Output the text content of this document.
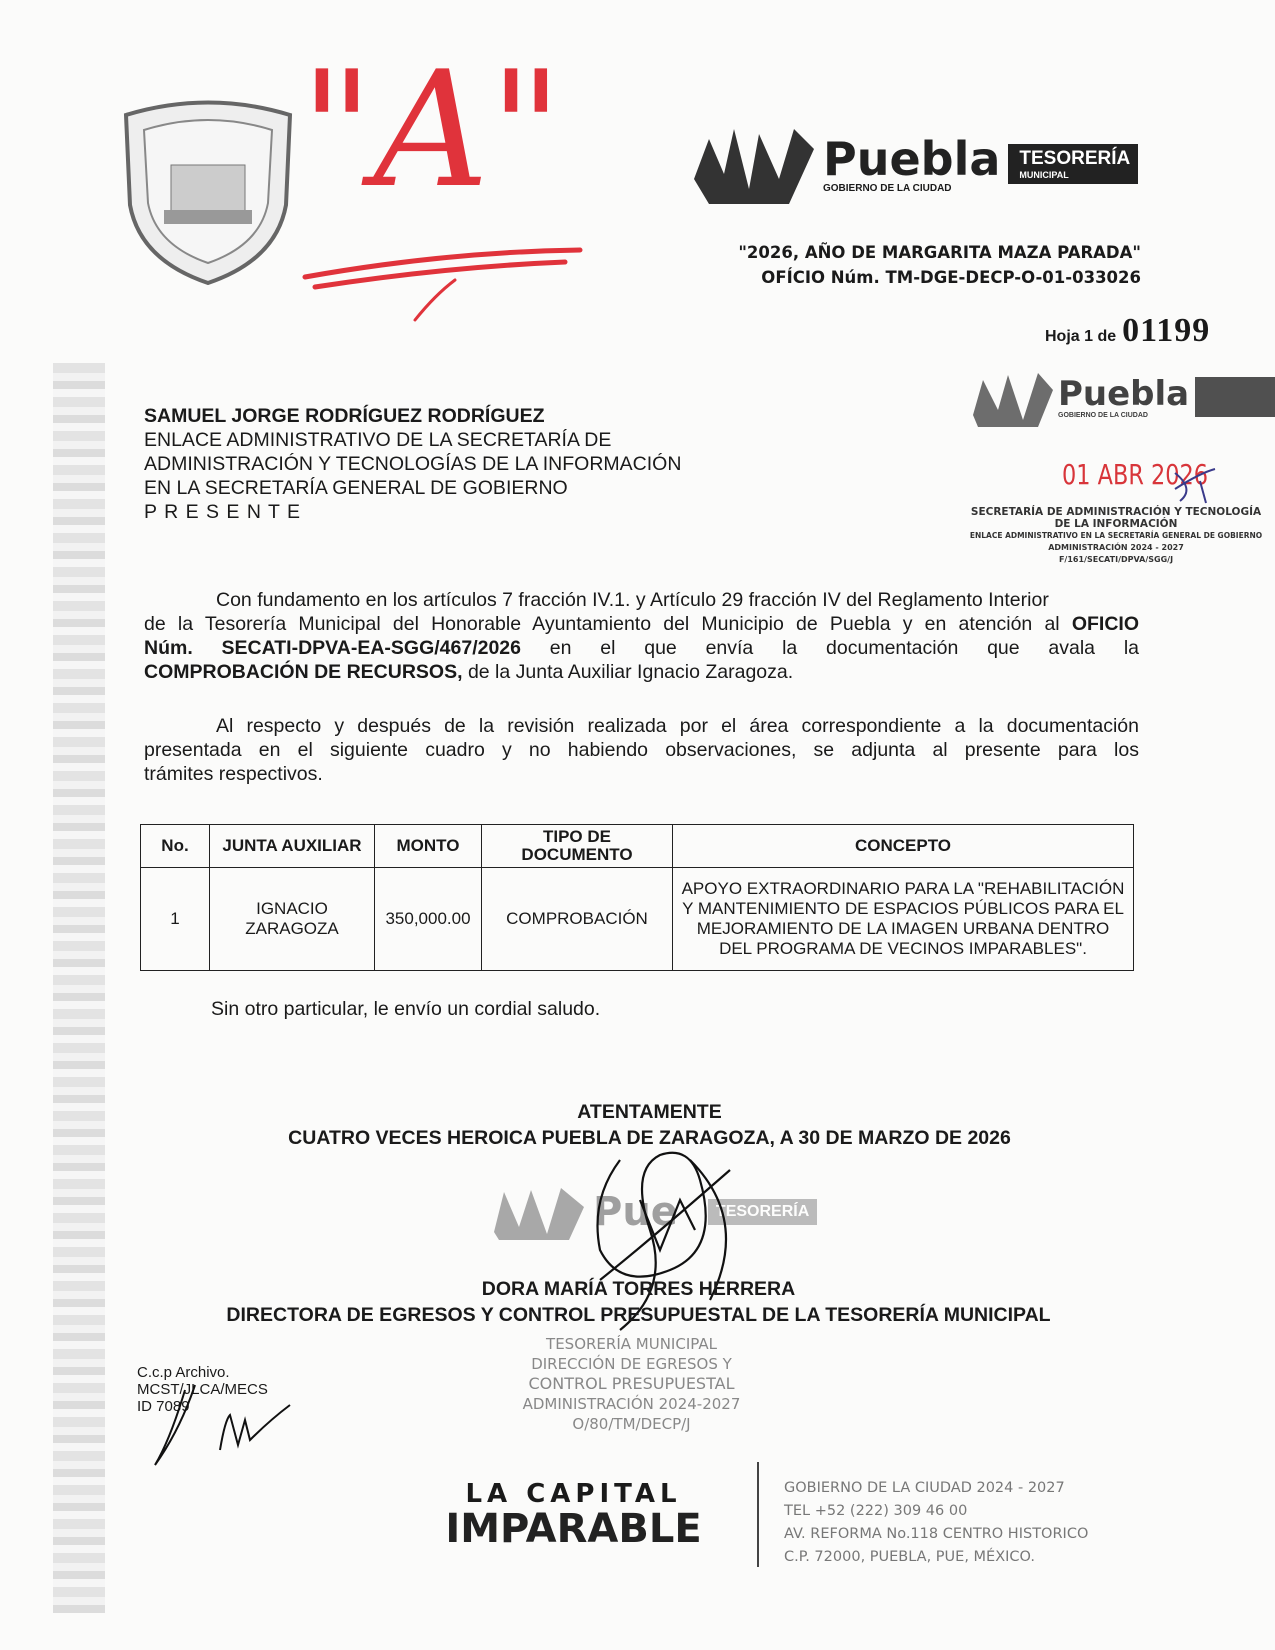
"A"	Puebla
GOBIERNO DE LA CIUDAD
TESORERÍA
MUNICIPAL
"2026, AÑO DE MARGARITA MAZA PARADA"
OFÍCIO Núm. TM-DGE-DECP-O-01-033026
Hoja 1 de 01199
Puebla
GOBIERNO DE LA CIUDAD
01 ABR 2026
SECRETARÍA DE ADMINISTRACIÓN Y TECNOLOGÍA
DE LA INFORMACIÓN
ENLACE ADMINISTRATIVO EN LA SECRETARÍA GENERAL DE GOBIERNO
ADMINISTRACIÓN 2024 - 2027
F/161/SECATI/DPVA/SGG/J
SAMUEL JORGE RODRÍGUEZ RODRÍGUEZ
ENLACE ADMINISTRATIVO DE LA SECRETARÍA DE
ADMINISTRACIÓN Y TECNOLOGÍAS DE LA INFORMACIÓN
EN LA SECRETARÍA GENERAL DE GOBIERNO
P R E S E N T E
Con fundamento en los artículos 7 fracción IV.1. y Artículo 29 fracción IV del Reglamento Interior
de la Tesorería Municipal del Honorable Ayuntamiento del Municipio de Puebla y en atención al OFICIO
Núm. SECATI-DPVA-EA-SGG/467/2026 en el que envía la documentación que avala la
COMPROBACIÓN DE RECURSOS, de la Junta Auxiliar Ignacio Zaragoza.
Al respecto y después de la revisión realizada por el área correspondiente a la documentación
presentada en el siguiente cuadro y no habiendo observaciones, se adjunta al presente para los
trámites respectivos.
No.	JUNTA AUXILIAR	MONTO	TIPO DE DOCUMENTO	CONCEPTO
1	IGNACIO ZARAGOZA	350,000.00	COMPROBACIÓN	APOYO EXTRAORDINARIO PARA LA "REHABILITACIÓN Y MANTENIMIENTO DE ESPACIOS PÚBLICOS PARA EL MEJORAMIENTO DE LA IMAGEN URBANA DENTRO DEL PROGRAMA DE VECINOS IMPARABLES".
Sin otro particular, le envío un cordial saludo.
ATENTAMENTE
CUATRO VECES HEROICA PUEBLA DE ZARAGOZA, A 30 DE MARZO DE 2026
Pue TESORERÍA
DORA MARÍA TORRES HERRERA
DIRECTORA DE EGRESOS Y CONTROL PRESUPUESTAL DE LA TESORERÍA MUNICIPAL
TESORERÍA MUNICIPAL
DIRECCIÓN DE EGRESOS Y
CONTROL PRESUPUESTAL
ADMINISTRACIÓN 2024-2027
O/80/TM/DECP/J
C.c.p Archivo.
MCST/JLCA/MECS
ID 7089
LA CAPITAL
IMPARABLE
GOBIERNO DE LA CIUDAD 2024 - 2027
TEL +52 (222) 309 46 00
AV. REFORMA No.118 CENTRO HISTORICO
C.P. 72000, PUEBLA, PUE, MÉXICO.
